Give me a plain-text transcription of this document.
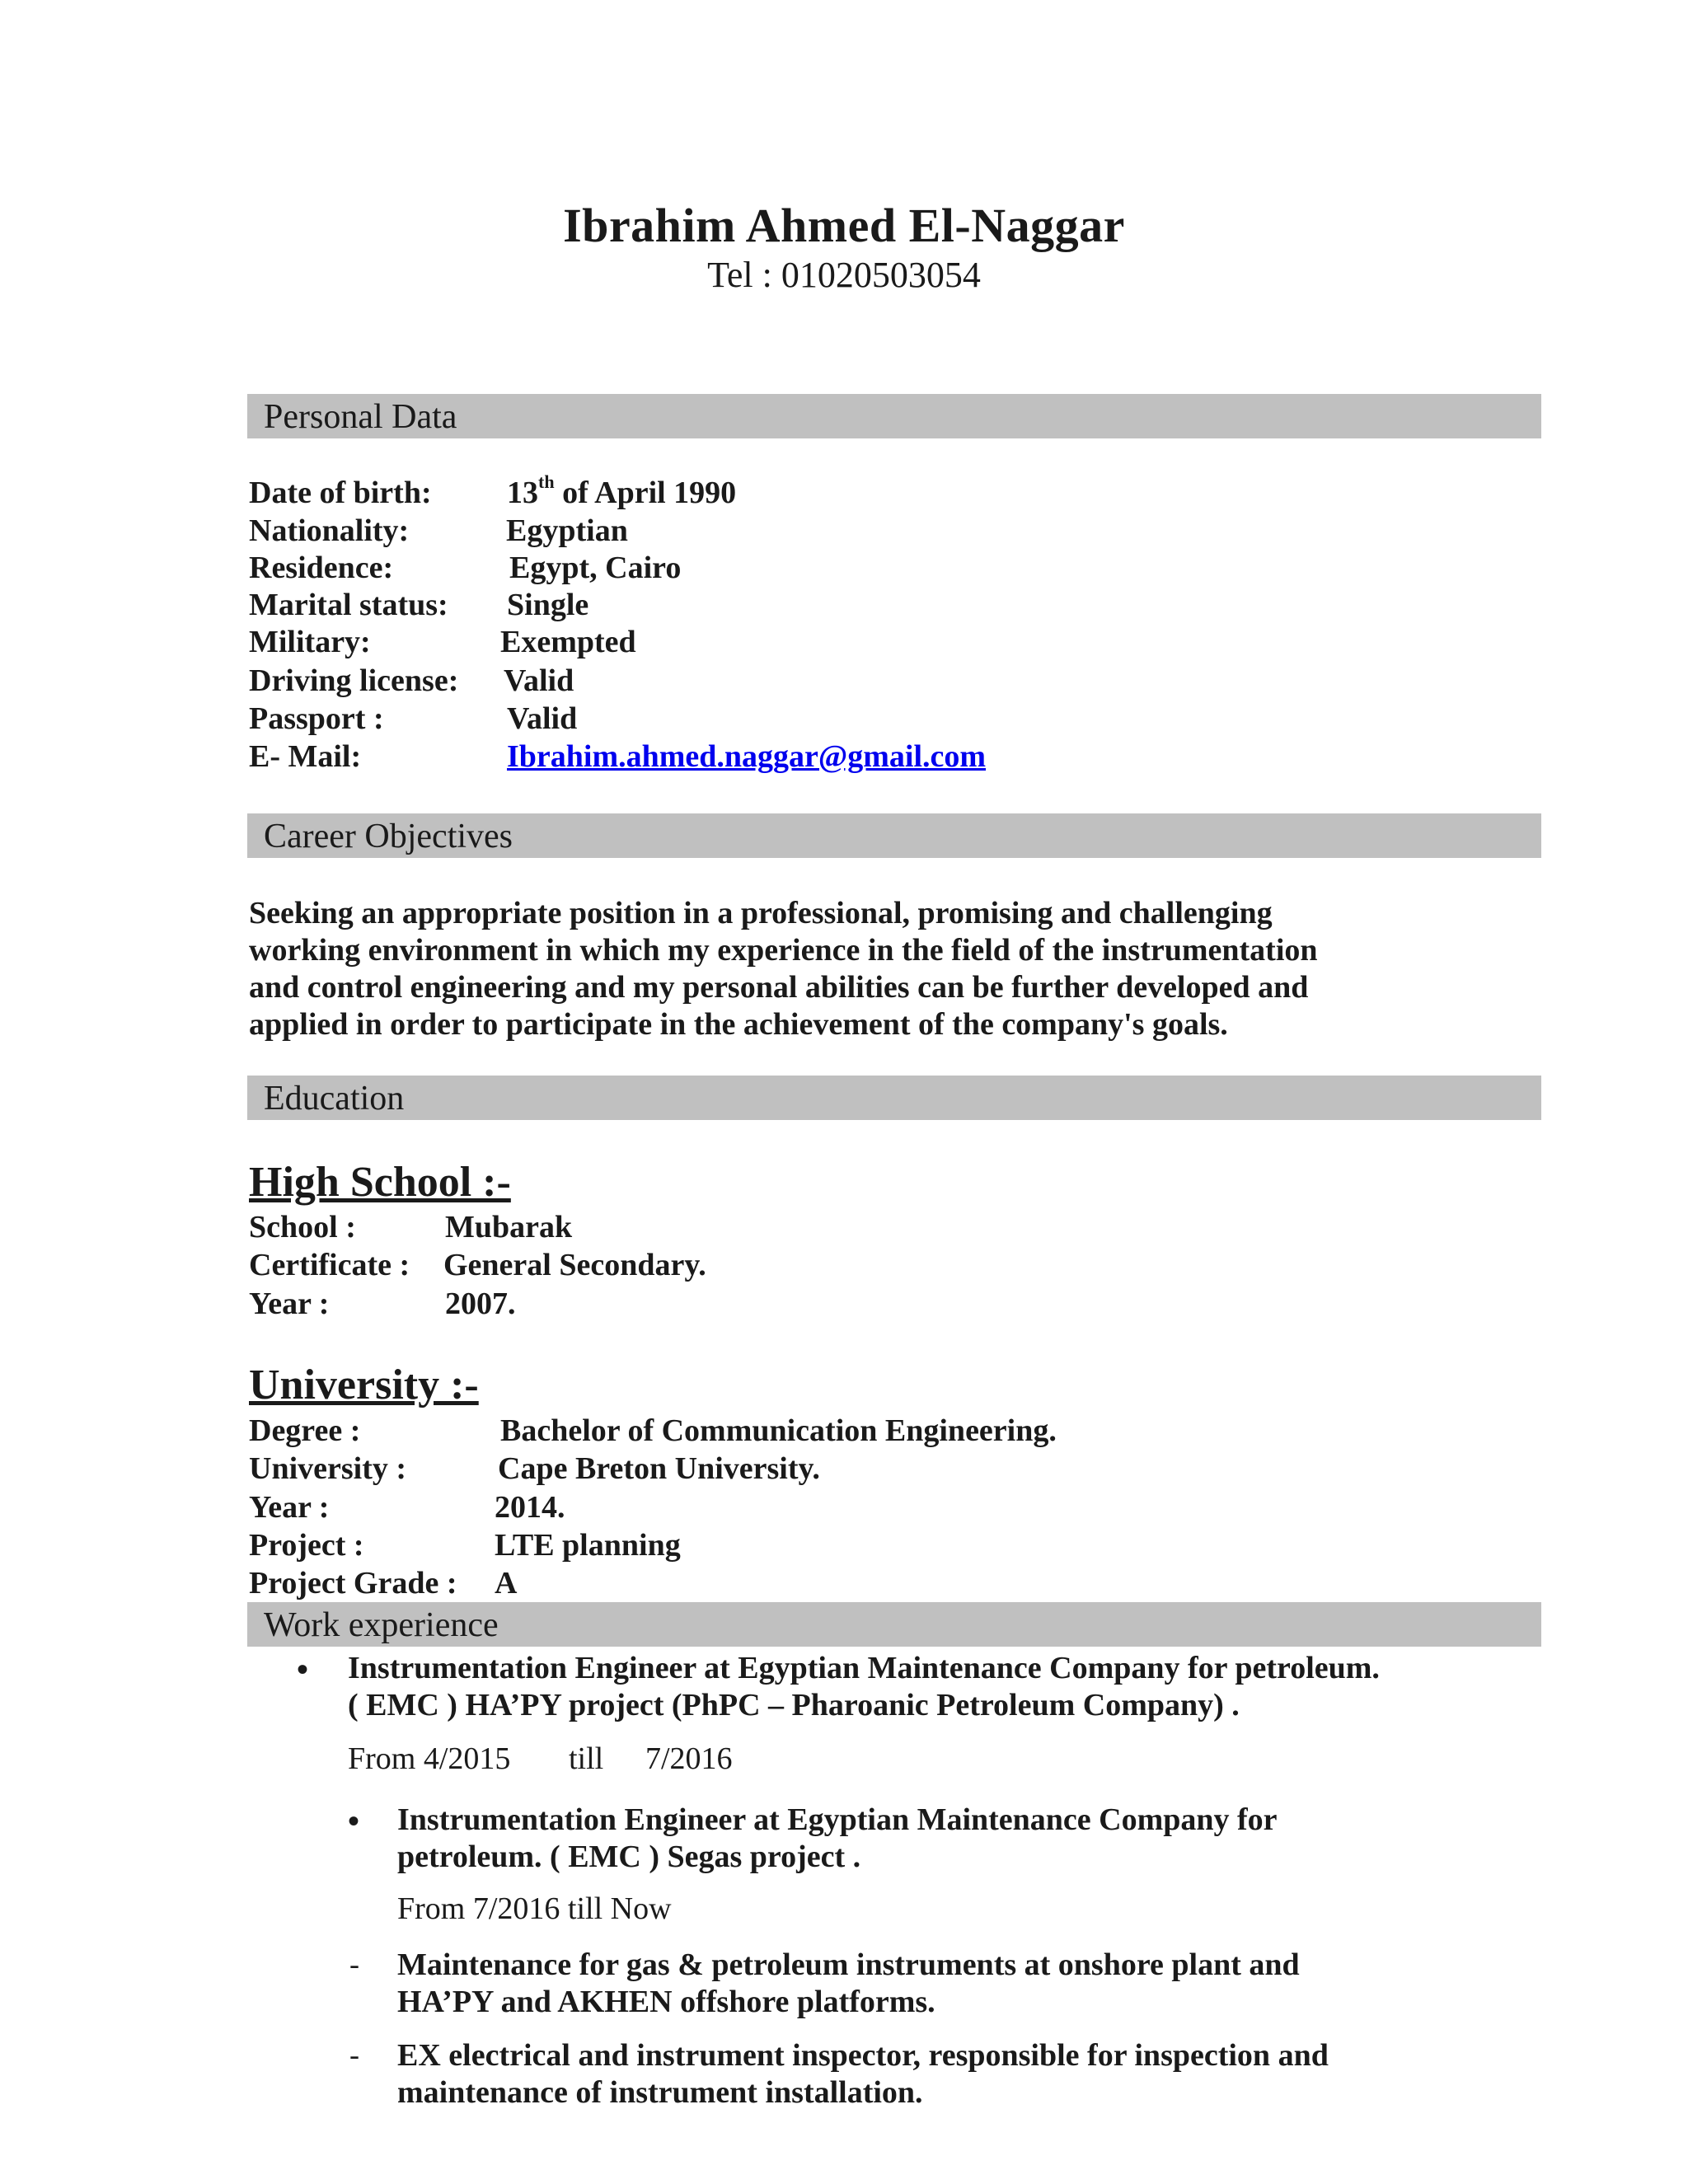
Ibrahim Ahmed El-Naggar
Tel : 01020503054
Personal Data
Date of birth: 13th of April 1990
Nationality:	Egyptian
Residence:	Egypt, Cairo
Marital status: Single
Military:	Exempted
Driving license: Valid
Passport :	Valid
E- Mail:	Ibrahim.ahmed.naggar@gmail.com
Career Objectives
Seeking an appropriate position in a professional, promising and challenging
working environment in which my experience in the field of the instrumentation
and control engineering and my personal abilities can be further developed and
applied in order to participate in the achievement of the company's goals.
Education
High School :-
School :	Mubarak
Certificate : General Secondary.
Year :	2007.
University :-
Degree :	Bachelor of Communication Engineering.
University :	Cape Breton University.
Year :	2014.
Project :	LTE planning
Project Grade : A
Work experience
• Instrumentation Engineer at Egyptian Maintenance Company for petroleum.
( EMC ) HA’PY project (PhPC – Pharoanic Petroleum Company) .
From 4/2015 till 7/2016
• Instrumentation Engineer at Egyptian Maintenance Company for
petroleum. ( EMC ) Segas project .
From 7/2016 till Now
- Maintenance for gas & petroleum instruments at onshore plant and
HA’PY and AKHEN offshore platforms.
- EX electrical and instrument inspector, responsible for inspection and
maintenance of instrument installation.
